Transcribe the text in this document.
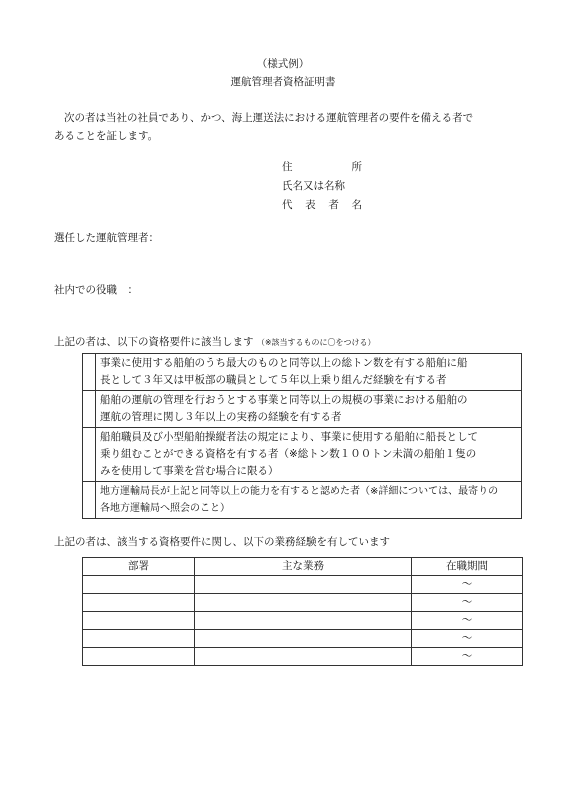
（様式例）
運航管理者資格証明書
次の者は当社の社員であり、かつ、海上運送法における運航管理者の要件を備える者で
あることを証します。
住	所
氏名又は名称
代 表 者 名
選任した運航管理者：
社内での役職　：
上記の者は、以下の資格要件に該当します （※該当するものに〇をつける）

	事業に使用する船舶のうち最大のものと同等以上の総トン数を有する船舶に船
長として３年又は甲板部の職員として５年以上乗り組んだ経験を有する者

	船舶の運航の管理を行おうとする事業と同等以上の規模の事業における船舶の
運航の管理に関し３年以上の実務の経験を有する者

	船舶職員及び小型船舶操縦者法の規定により、事業に使用する船舶に船長として
乗り組むことができる資格を有する者（※総トン数１００トン未満の船舶１隻の
みを使用して事業を営む場合に限る）

	地方運輸局長が上記と同等以上の能力を有すると認めた者（※詳細については、最寄りの
各地方運輸局へ照会のこと）
上記の者は、該当する資格要件に関し、以下の業務経験を有しています
部署	主な業務	在職期間
		～
		～
		～
		～
		～
